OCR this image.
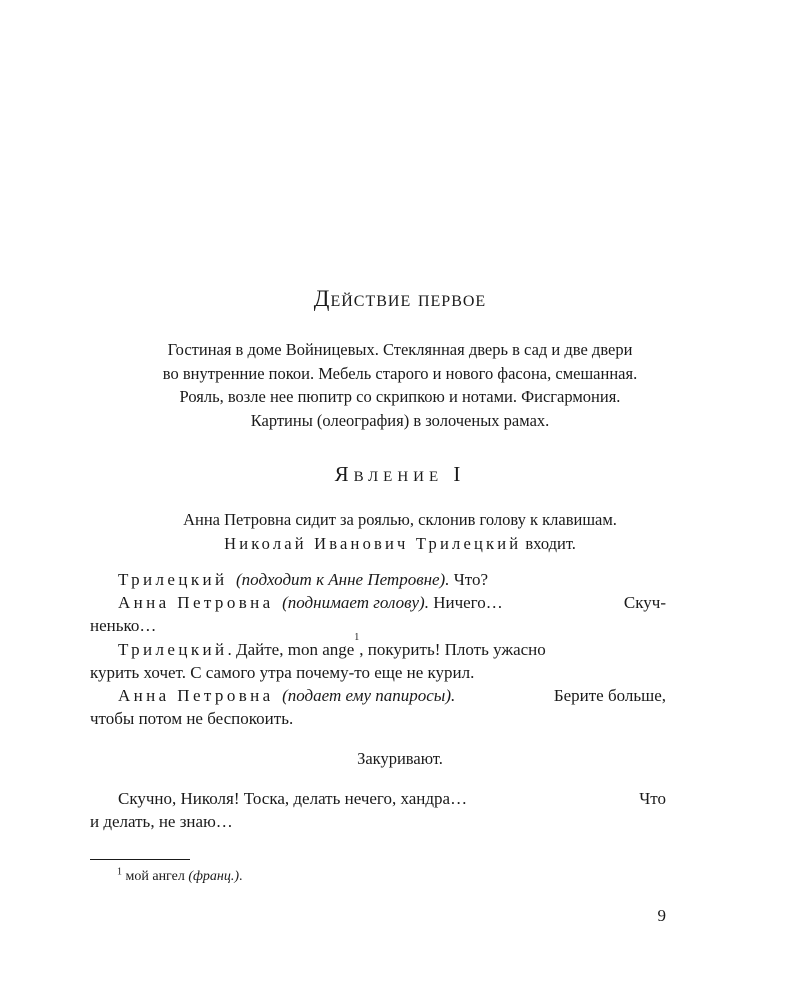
Действие первое
Гостиная в доме Войницевых. Стеклянная дверь в сад и две двери
во внутренние покои. Мебель старого и нового фасона, смешанная.
Рояль, возле нее пюпитр со скрипкою и нотами. Фисгармония.
Картины (олеография) в золоченых рамах.
Явление I
Анна Петровна сидит за роялью, склонив голову к клавишам.
Николай Иванович Трилецкий входит.
Трилецкий
(подходит к Анне Петровне).
Что?
Анна Петровна (поднимает голову). Ничего…	Скуч-
ненько…
Трилецкий . Дайте, mon ange
1
, покурить! Плоть ужасно
курить хочет. С самого утра почему-то еще не курил.
Анна Петровна (подает ему папиросы).	Берите больше,
чтобы потом не беспокоить.
Закуривают.
Скучно, Николя! Тоска, делать нечего, хандра…	Что
и делать, не знаю…
$^1$ мой ангел (франц.).
9
